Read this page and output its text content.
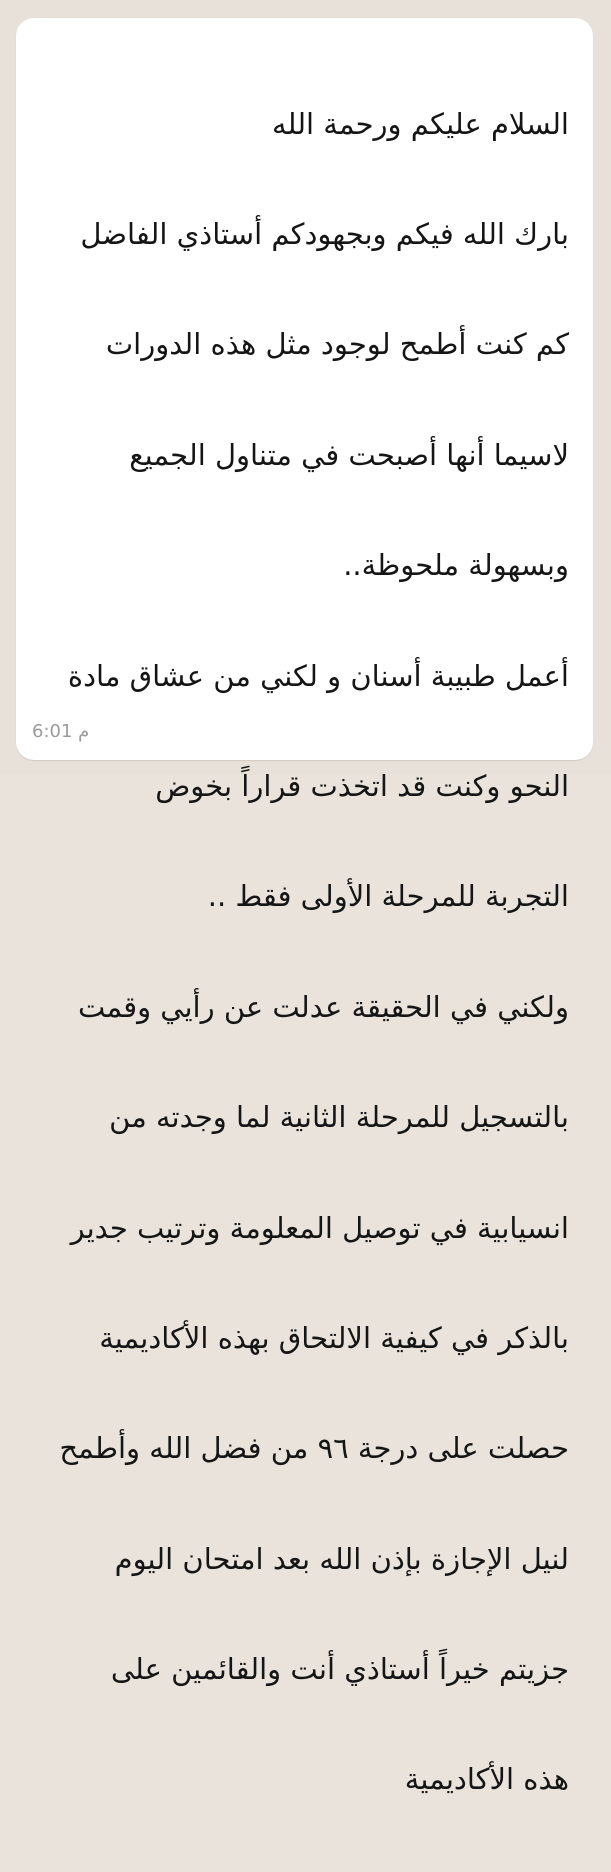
السلام عليكم ورحمة الله

بارك الله فيكم وبجهودكم أستاذي الفاضل

كم كنت أطمح لوجود مثل هذه الدورات

لاسيما أنها أصبحت في متناول الجميع

وبسهولة ملحوظة..

أعمل طبيبة أسنان و لكني من عشاق مادة

النحو وكنت قد اتخذت قراراً بخوض

التجربة للمرحلة الأولى فقط ..

ولكني في الحقيقة عدلت عن رأيي وقمت

بالتسجيل للمرحلة الثانية لما وجدته من

انسيابية في توصيل المعلومة وترتيب جدير

بالذكر في كيفية الالتحاق بهذه الأكاديمية

حصلت على درجة ٩٦ من فضل الله وأطمح

لنيل الإجازة بإذن الله بعد امتحان اليوم

جزيتم خيراً أستاذي أنت والقائمين على

هذه الأكاديمية

6:01 م
